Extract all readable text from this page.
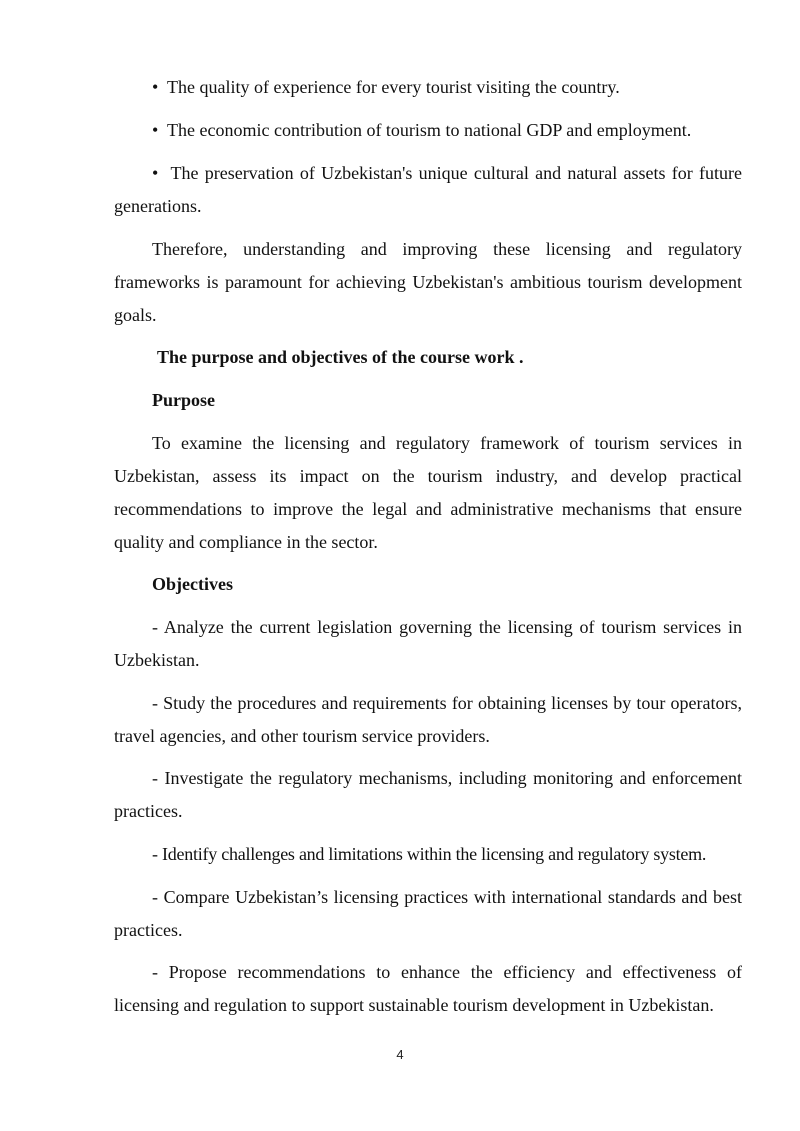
• The quality of experience for every tourist visiting the country.

• The economic contribution of tourism to national GDP and employment.

• The preservation of Uzbekistan's unique cultural and natural assets for future generations.

Therefore, understanding and improving these licensing and regulatory frameworks is paramount for achieving Uzbekistan's ambitious tourism development goals.

The purpose and objectives of the course work .
Purpose

To examine the licensing and regulatory framework of tourism services in Uzbekistan, assess its impact on the tourism industry, and develop practical recommendations to improve the legal and administrative mechanisms that ensure quality and compliance in the sector.

Objectives

- Analyze the current legislation governing the licensing of tourism services in Uzbekistan.

- Study the procedures and requirements for obtaining licenses by tour operators, travel agencies, and other tourism service providers.

- Investigate the regulatory mechanisms, including monitoring and enforcement practices.

- Identify challenges and limitations within the licensing and regulatory system.

- Compare Uzbekistan’s licensing practices with international standards and best practices.

- Propose recommendations to enhance the efficiency and effectiveness of licensing and regulation to support sustainable tourism development in Uzbekistan.

4
